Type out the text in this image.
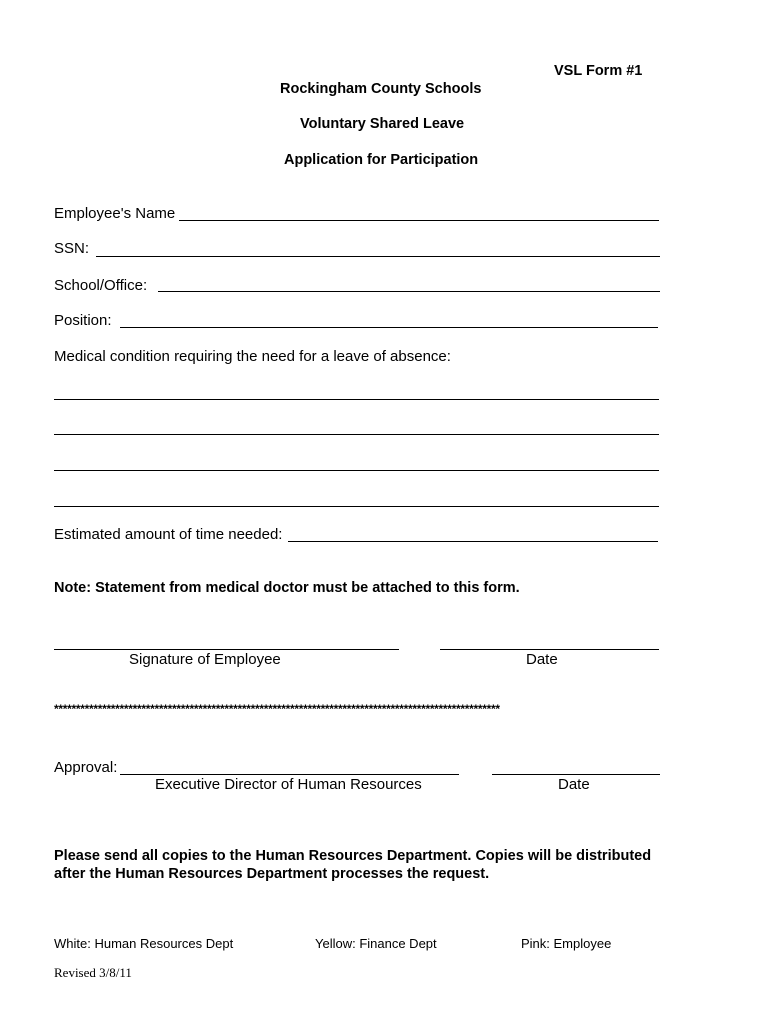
VSL Form #1
Rockingham County Schools
Voluntary Shared Leave
Application for Participation
Employee's Name
SSN:
School/Office:
Position:
Medical condition requiring the need for a leave of absence:
Estimated amount of time needed:
Note: Statement from medical doctor must be attached to this form.
Signature of Employee	Date
******************************************************************************************************
Approval:
Executive Director of Human Resources	Date
Please send all copies to the Human Resources Department. Copies will be distributed
after the Human Resources Department processes the request.
White: Human Resources Dept	Yellow: Finance Dept	Pink: Employee
Revised 3/8/11
